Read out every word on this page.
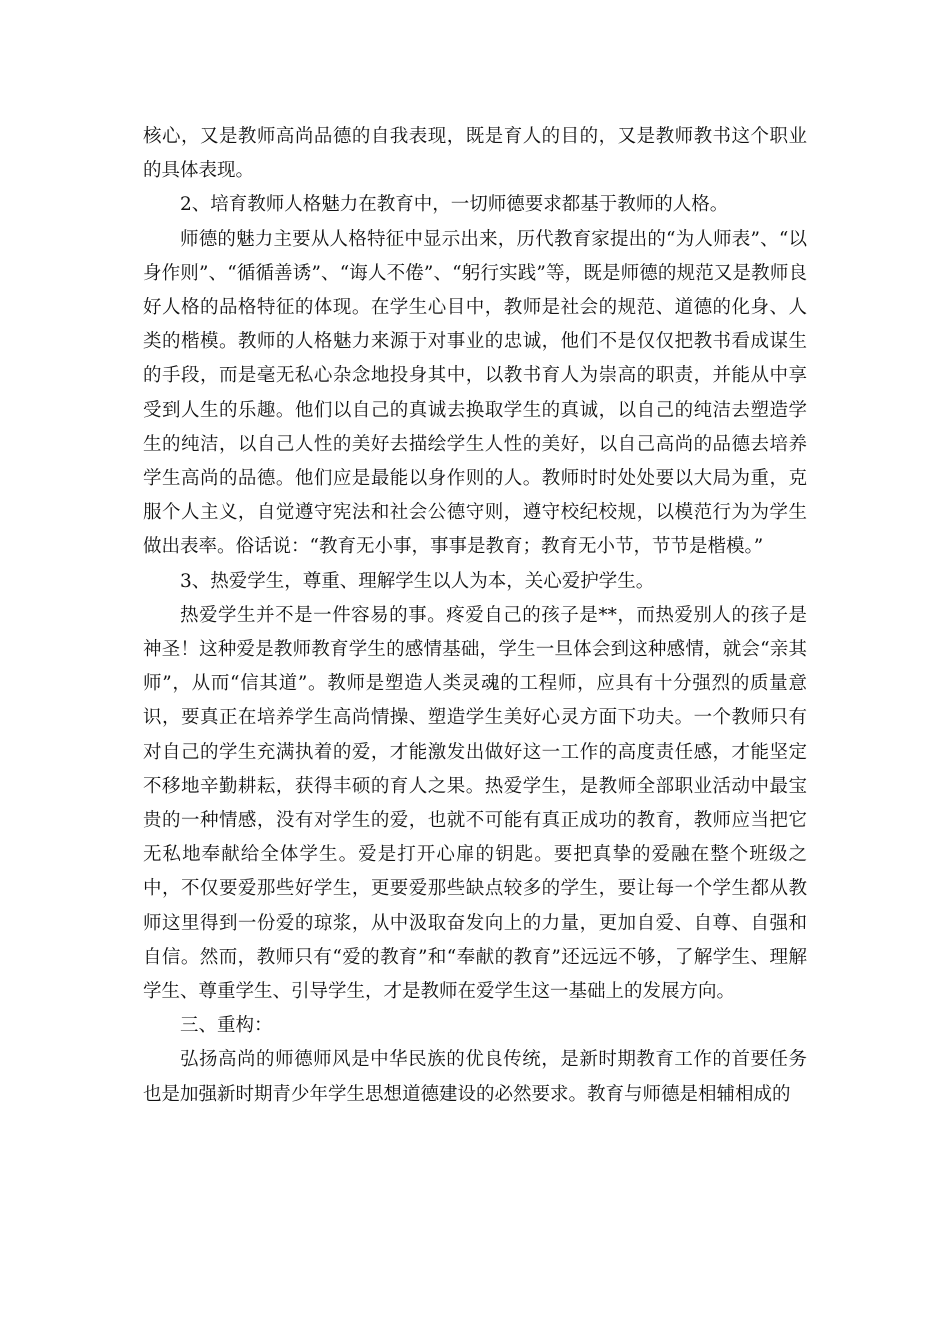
核心，又是教师高尚品德的自我表现，既是育人的目的，又是教师教书这个职业的具体表现。

2、培育教师人格魅力在教育中，一切师德要求都基于教师的人格。

师德的魅力主要从人格特征中显示出来，历代教育家提出的“为人师表”、“以身作则”、“循循善诱”、“诲人不倦”、“躬行实践”等，既是师德的规范又是教师良好人格的品格特征的体现。在学生心目中，教师是社会的规范、道德的化身、人类的楷模。教师的人格魅力来源于对事业的忠诚，他们不是仅仅把教书看成谋生的手段，而是毫无私心杂念地投身其中，以教书育人为崇高的职责，并能从中享受到人生的乐趣。他们以自己的真诚去换取学生的真诚，以自己的纯洁去塑造学生的纯洁，以自己人性的美好去描绘学生人性的美好，以自己高尚的品德去培养学生高尚的品德。他们应是最能以身作则的人。教师时时处处要以大局为重，克服个人主义，自觉遵守宪法和社会公德守则，遵守校纪校规，以模范行为为学生做出表率。俗话说：“教育无小事，事事是教育；教育无小节，节节是楷模。”

3、热爱学生，尊重、理解学生以人为本，关心爱护学生。

热爱学生并不是一件容易的事。疼爱自己的孩子是**，而热爱别人的孩子是神圣！这种爱是教师教育学生的感情基础，学生一旦体会到这种感情，就会“亲其师”，从而“信其道”。教师是塑造人类灵魂的工程师，应具有十分强烈的质量意识，要真正在培养学生高尚情操、塑造学生美好心灵方面下功夫。一个教师只有对自己的学生充满执着的爱，才能激发出做好这一工作的高度责任感，才能坚定不移地辛勤耕耘，获得丰硕的育人之果。热爱学生，是教师全部职业活动中最宝贵的一种情感，没有对学生的爱，也就不可能有真正成功的教育，教师应当把它无私地奉献给全体学生。爱是打开心扉的钥匙。要把真挚的爱融在整个班级之中，不仅要爱那些好学生，更要爱那些缺点较多的学生，要让每一个学生都从教师这里得到一份爱的琼浆，从中汲取奋发向上的力量，更加自爱、自尊、自强和自信。然而，教师只有“爱的教育”和“奉献的教育”还远远不够，了解学生、理解学生、尊重学生、引导学生，才是教师在爱学生这一基础上的发展方向。

三、重构：

弘扬高尚的师德师风是中华民族的优良传统，是新时期教育工作的首要任务也是加强新时期青少年学生思想道德建设的必然要求。教育与师德是相辅相成的
